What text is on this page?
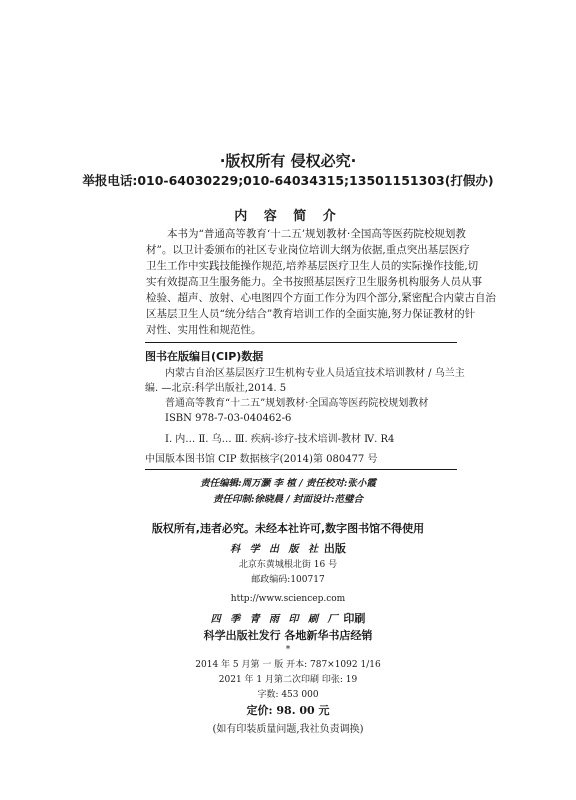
·版权所有 侵权必究·
举报电话:010-64030229;010-64034315;13501151303(打假办)
内 容 简 介
本书为“普通高等教育‘十二五’规划教材·全国高等医药院校规划教
材”。以卫计委颁布的社区专业岗位培训大纲为依据,重点突出基层医疗
卫生工作中实践技能操作规范,培养基层医疗卫生人员的实际操作技能,切
实有效提高卫生服务能力。全书按照基层医疗卫生服务机构服务人员从事
检验、超声、放射、心电图四个方面工作分为四个部分,紧密配合内蒙古自治
区基层卫生人员“统分结合”教育培训工作的全面实施,努力保证教材的针
对性、实用性和规范性。
图书在版编目(CIP)数据
内蒙古自治区基层医疗卫生机构专业人员适宜技术培训教材 / 乌兰主
编. —北京:科学出版社,2014. 5
普通高等教育“十二五”规划教材·全国高等医药院校规划教材
ISBN 978-7-03-040462-6
Ⅰ. 内… Ⅱ. 乌… Ⅲ. 疾病-诊疗-技术培训-教材 Ⅳ. R4
中国版本图书馆 CIP 数据核字(2014)第 080477 号
责任编辑:周万灏 李 植 / 责任校对:张小霞
责任印制:徐晓晨 / 封面设计:范璧合
版权所有,违者必究。未经本社许可,数字图书馆不得使用
科 学 出 版 社 出版
北京东黄城根北街 16 号
邮政编码:100717
http://www.sciencep.com
四 季 青 雨 印 刷 厂 印刷
科学出版社发行 各地新华书店经销
*
2014 年 5 月第 一 版 开本: 787×1092 1/16
2021 年 1 月第二次印刷 印张: 19
字数: 453 000
定价: 98. 00 元
(如有印装质量问题,我社负责调换)
